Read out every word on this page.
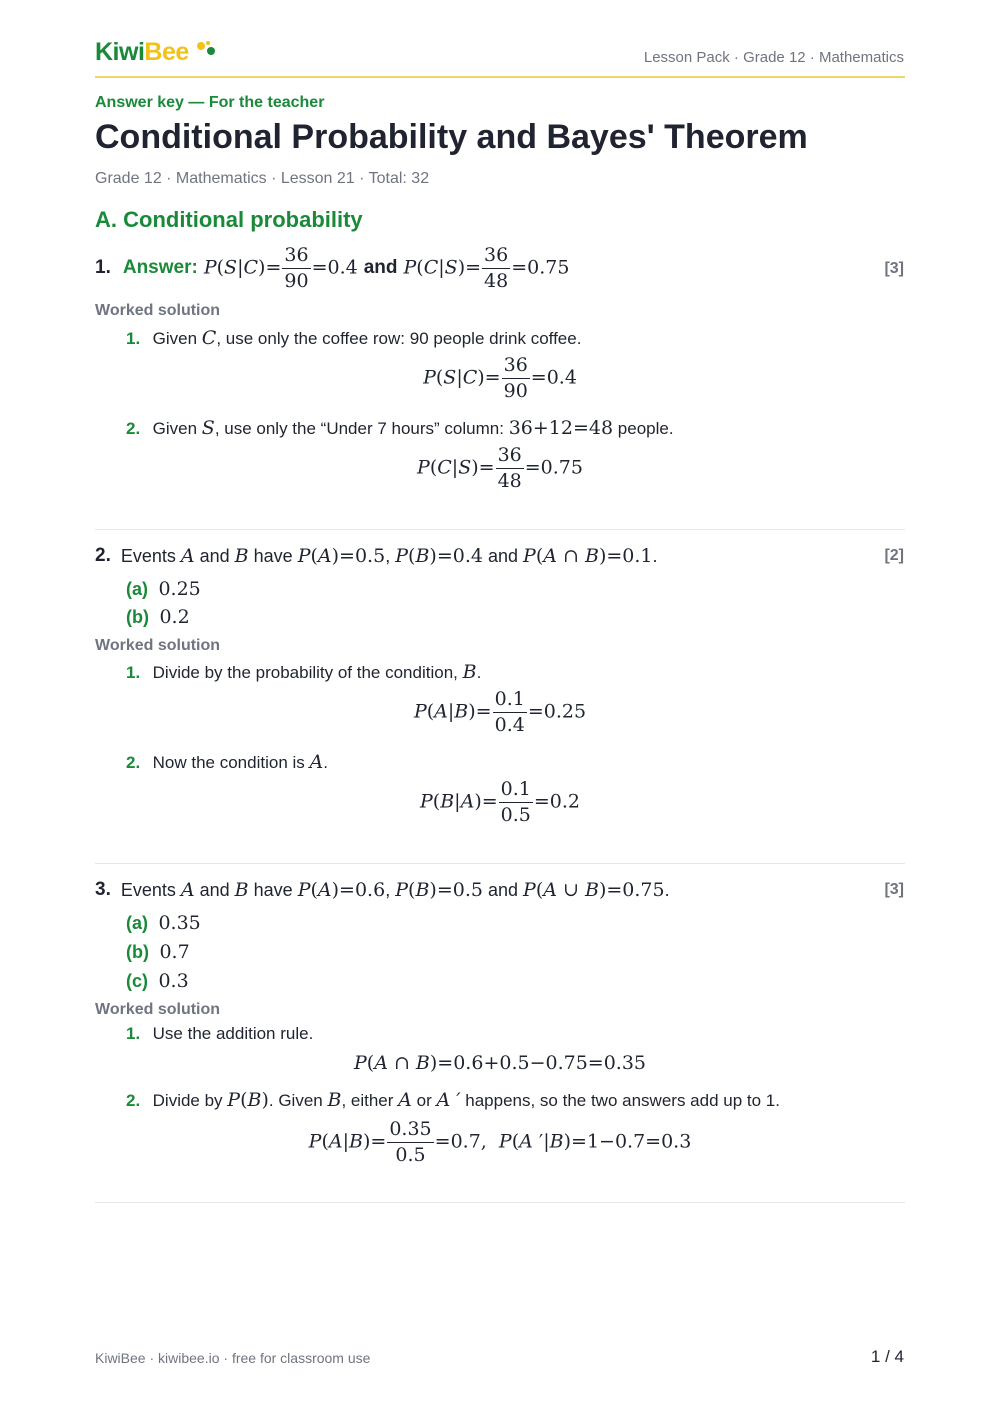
KiwiBee	Lesson Pack · Grade 12 · Mathematics
Answer key — For the teacher
Conditional Probability and Bayes' Theorem
Grade 12 · Mathematics · Lesson 21 · Total: 32
A. Conditional probability
1. Answer: $P(S|C)= \frac{36}{90} =0.4$ and $P(C|S)= \frac{36}{48} =0.75$	[3]
Worked solution
1. Given C, use only the coffee row: 90 people drink coffee.
$P(S|C)= \frac{36}{90} =0.4$
2. Given S, use only the “Under 7 hours” column: 36+12=48 people.
$P(C|S)= \frac{36}{48} =0.75$
2. Events A and B have P(A)=0.5, P(B)=0.4 and P(A ∩ B)=0.1.	[2]
(a) 0.25
(b) 0.2
Worked solution
1. Divide by the probability of the condition, B.
$P(A|B)= \frac{0.1}{0.4} =0.25$
2. Now the condition is A.
$P(B|A)= \frac{0.1}{0.5} =0.2$
3. Events A and B have P(A)=0.6, P(B)=0.5 and P(A ∪ B)=0.75.	[3]
(a) 0.35
(b) 0.7
(c) 0.3
Worked solution
1. Use the addition rule.
P(A ∩ B)=0.6+0.5−0.75=0.35
2. Divide by P(B). Given B, either A or A ′ happens, so the two answers add up to 1.
$P(A|B)= \frac{0.35}{0.5} =0.7$,  P(A ′|B)=1−0.7=0.3
KiwiBee · kiwibee.io · free for classroom use	1 / 4
